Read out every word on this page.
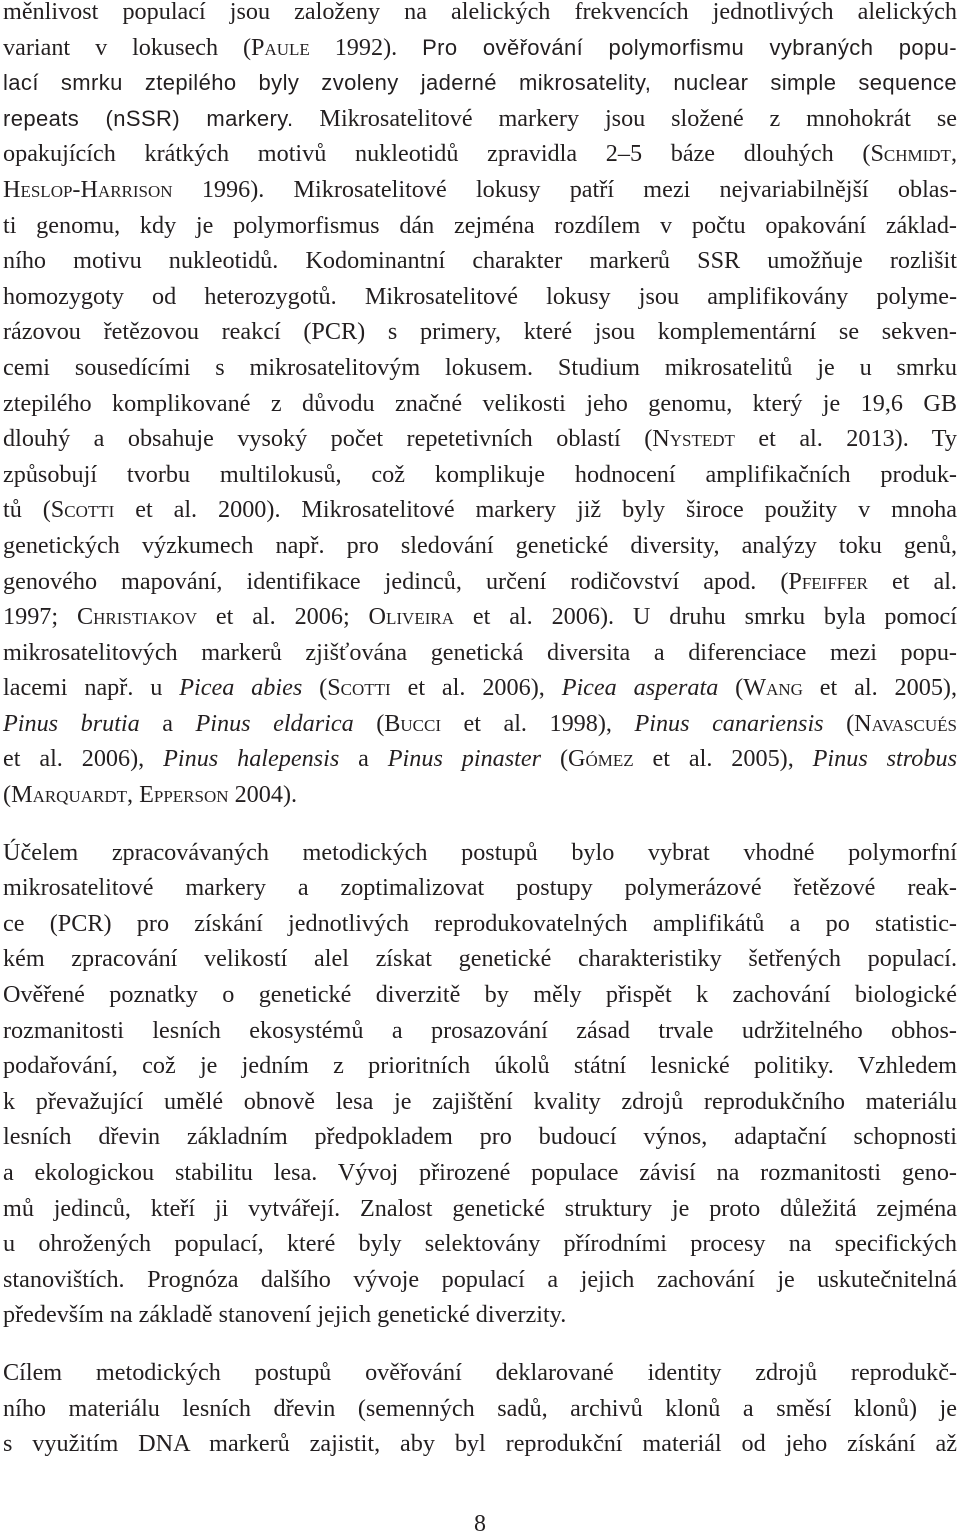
měnlivost populací jsou založeny na alelických frekvencích jednotlivých alelických
variant v lokusech (Paule 1992). Pro ověřování polymorfismu vybraných popu-
lací smrku ztepilého byly zvoleny jaderné mikrosatelity, nuclear simple sequence
repeats (nSSR) markery. Mikrosatelitové markery jsou složené z mnohokrát se
opakujících krátkých motivů nukleotidů zpravidla 2–5 báze dlouhých (Schmidt,
Heslop-Harrison 1996). Mikrosatelitové lokusy patří mezi nejvariabilnější oblas-
ti genomu, kdy je polymorfismus dán zejména rozdílem v počtu opakování základ-
ního motivu nukleotidů. Kodominantní charakter markerů SSR umožňuje rozlišit
homozygoty od heterozygotů. Mikrosatelitové lokusy jsou amplifikovány polyme-
rázovou řetězovou reakcí (PCR) s primery, které jsou komplementární se sekven-
cemi sousedícími s mikrosatelitovým lokusem. Studium mikrosatelitů je u smrku
ztepilého komplikované z důvodu značné velikosti jeho genomu, který je 19,6 GB
dlouhý a obsahuje vysoký počet repetetivních oblastí (Nystedt et al. 2013). Ty
způsobují tvorbu multilokusů, což komplikuje hodnocení amplifikačních produk-
tů (Scotti et al. 2000). Mikrosatelitové markery již byly široce použity v mnoha
genetických výzkumech např. pro sledování genetické diversity, analýzy toku genů,
genového mapování, identifikace jedinců, určení rodičovství apod. (Pfeiffer et al.
1997; Christiakov et al. 2006; Oliveira et al. 2006). U druhu smrku byla pomocí
mikrosatelitových markerů zjišťována genetická diversita a diferenciace mezi popu-
lacemi např. u Picea abies (Scotti et al. 2006), Picea asperata (Wang et al. 2005),
Pinus brutia a Pinus eldarica (Bucci et al. 1998), Pinus canariensis (Navascués
et al. 2006), Pinus halepensis a Pinus pinaster (Gómez et al. 2005), Pinus strobus
(Marquardt, Epperson 2004).

Účelem zpracovávaných metodických postupů bylo vybrat vhodné polymorfní
mikrosatelitové markery a zoptimalizovat postupy polymerázové řetězové reak-
ce (PCR) pro získání jednotlivých reprodukovatelných amplifikátů a po statistic-
kém zpracování velikostí alel získat genetické charakteristiky šetřených populací.
Ověřené poznatky o genetické diverzitě by měly přispět k zachování biologické
rozmanitosti lesních ekosystémů a prosazování zásad trvale udržitelného obhos-
podařování, což je jedním z prioritních úkolů státní lesnické politiky. Vzhledem
k převažující umělé obnově lesa je zajištění kvality zdrojů reprodukčního materiálu
lesních dřevin základním předpokladem pro budoucí výnos, adaptační schopnosti
a ekologickou stabilitu lesa. Vývoj přirozené populace závisí na rozmanitosti geno-
mů jedinců, kteří ji vytvářejí. Znalost genetické struktury je proto důležitá zejména
u ohrožených populací, které byly selektovány přírodními procesy na specifických
stanovištích. Prognóza dalšího vývoje populací a jejich zachování je uskutečnitelná
především na základě stanovení jejich genetické diverzity.

Cílem metodických postupů ověřování deklarované identity zdrojů reprodukč-
ního materiálu lesních dřevin (semenných sadů, archivů klonů a směsí klonů) je
s využitím DNA markerů zajistit, aby byl reprodukční materiál od jeho získání až

8
